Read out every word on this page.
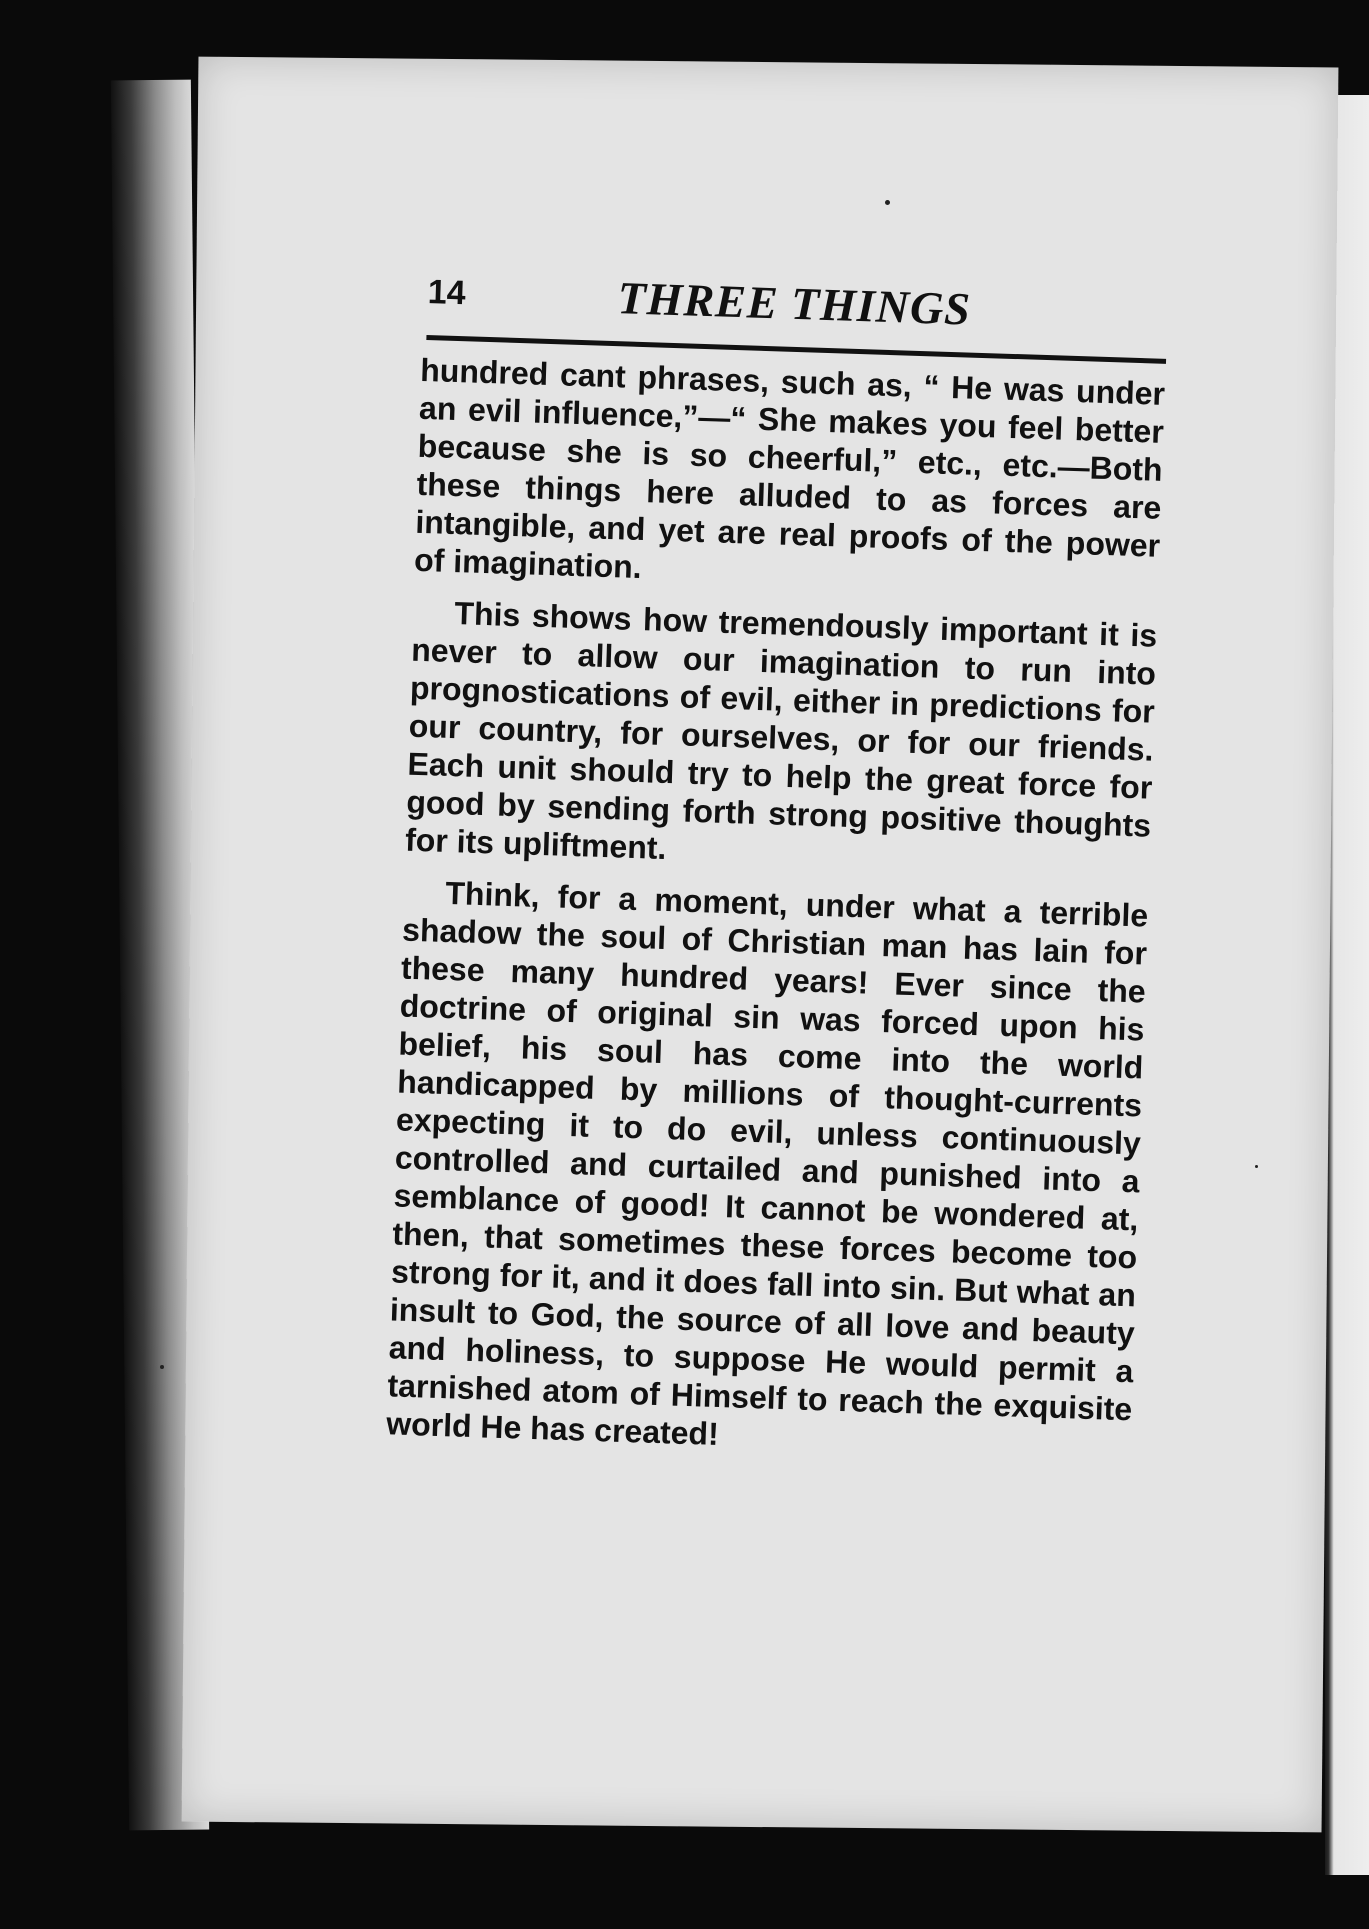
14	THREE THINGS

hundred cant phrases, such as, “ He was under an evil influence,”—“ She makes you feel better because she is so cheerful,” etc., etc.—Both these things here alluded to as forces are intangible, and yet are real proofs of the power of imagination.

This shows how tremendously important it is never to allow our imagination to run into prognostications of evil, either in predictions for our country, for ourselves, or for our friends. Each unit should try to help the great force for good by sending forth strong positive thoughts for its upliftment.

Think, for a moment, under what a terrible shadow the soul of Christian man has lain for these many hundred years! Ever since the doctrine of original sin was forced upon his belief, his soul has come into the world handicapped by millions of thought-currents expecting it to do evil, unless continuously controlled and curtailed and punished into a semblance of good! It cannot be wondered at, then, that sometimes these forces become too strong for it, and it does fall into sin. But what an insult to God, the source of all love and beauty and holiness, to suppose He would permit a tarnished atom of Himself to reach the exquisite world He has created!
